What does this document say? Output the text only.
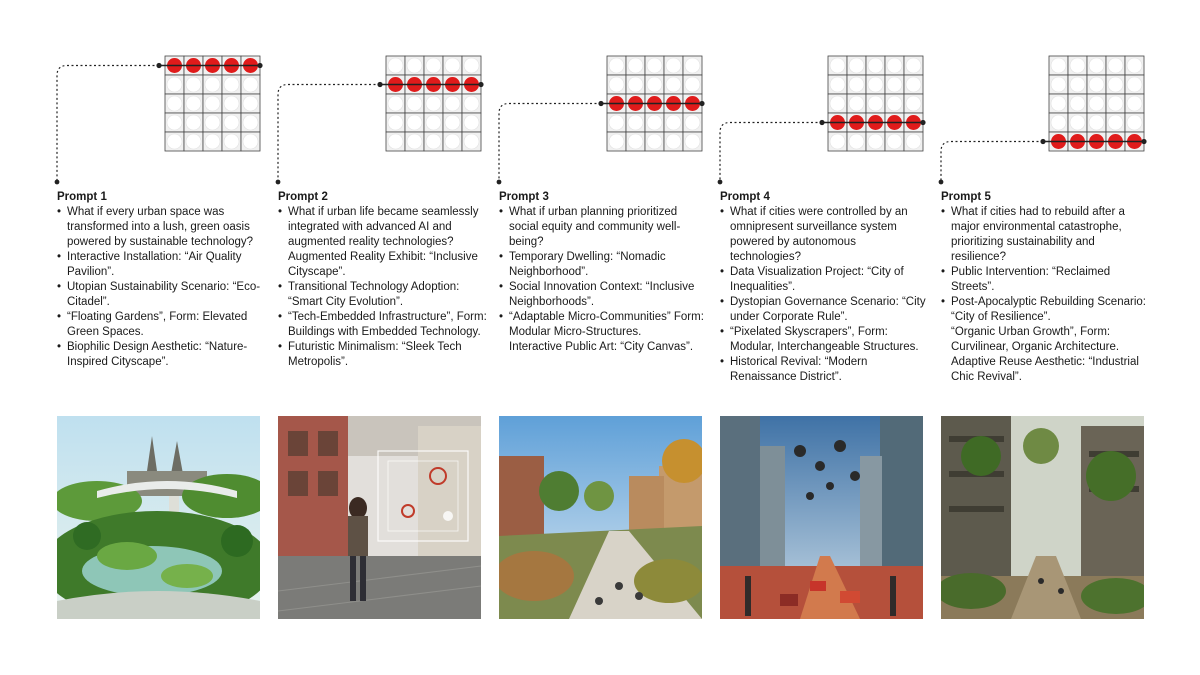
Prompt 1
• What if every urban space was transformed into a lush, green oasis powered by sustainable technology?
• Interactive Installation: “Air Quality Pavilion”.
• Utopian Sustainability Scenario: “Eco-Citadel”.
• “Floating Gardens”, Form: Elevated Green Spaces.
• Biophilic Design Aesthetic: “Nature-Inspired Cityscape”.
Prompt 2
• What if urban life became seamlessly integrated with advanced AI and augmented reality technologies? Augmented Reality Exhibit: “Inclusive Cityscape”.
• Transitional Technology Adoption: “Smart City Evolution”.
• “Tech-Embedded Infrastructure”, Form: Buildings with Embedded Technology.
• Futuristic Minimalism: “Sleek Tech Metropolis”.
Prompt 3
• What if urban planning prioritized social equity and community well-being?
• Temporary Dwelling: “Nomadic Neighborhood”.
• Social Innovation Context: “Inclusive Neighborhoods”.
• “Adaptable Micro-Communities” Form: Modular Micro-Structures.
Interactive Public Art: “City Canvas”.
Prompt 4
• What if cities were controlled by an omnipresent surveillance system powered by autonomous technologies?
• Data Visualization Project: “City of Inequalities”.
• Dystopian Governance Scenario: “City under Corporate Rule”.
• “Pixelated Skyscrapers”, Form: Modular, Interchangeable Structures.
• Historical Revival: “Modern Renaissance District”.
Prompt 5
• What if cities had to rebuild after a major environmental catastrophe, prioritizing sustainability and resilience?
• Public Intervention: “Reclaimed Streets”.
• Post-Apocalyptic Rebuilding Scenario: “City of Resilience”.
“Organic Urban Growth”, Form: Curvilinear, Organic Architecture. Adaptive Reuse Aesthetic: “Industrial Chic Revival”.
